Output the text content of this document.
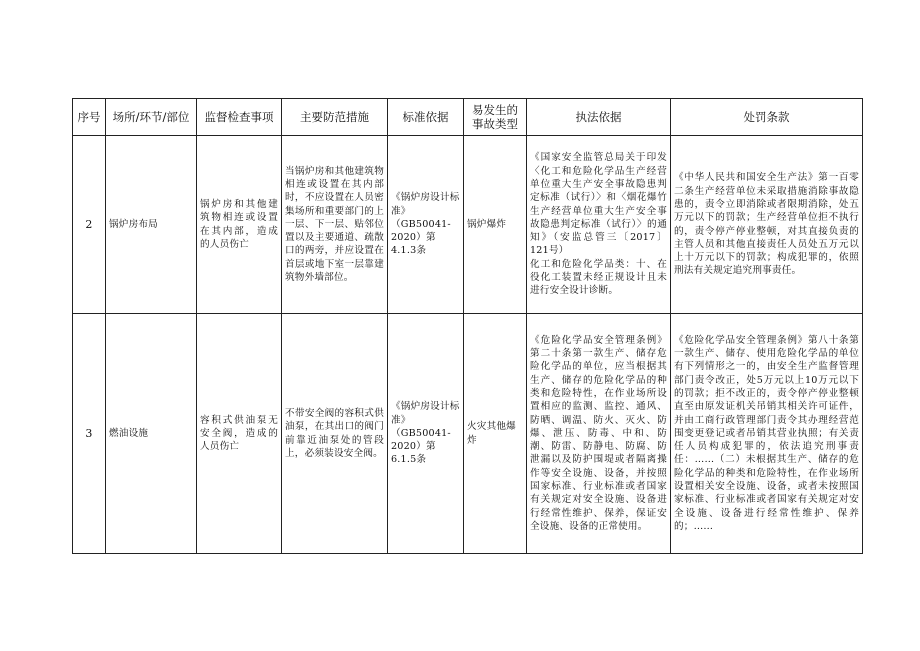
序号	场所/环节/部位	监督检查事项	主要防范措施	标准依据	易发生的事故类型	执法依据	处罚条款
2	锅炉房布局	锅炉房和其他建筑物相连或设置在其内部，造成的人员伤亡	当锅炉房和其他建筑物相连或设置在其内部时，不应设置在人员密集场所和重要部门的上一层、下一层、贴邻位置以及主要通道、疏散口的两旁，并应设置在首层或地下室一层靠建筑物外墙部位。	《锅炉房设计标准》（GB50041-2020）第4.1.3条	锅炉爆炸	《国家安全监管总局关于印发〈化工和危险化学品生产经营单位重大生产安全事故隐患判定标准（试行）〉和〈烟花爆竹生产经营单位重大生产安全事故隐患判定标准（试行）〉的通知》（安监总管三〔2017〕121号）
化工和危险化学品类：十、在役化工装置未经正规设计且未进行安全设计诊断。	《中华人民共和国安全生产法》第一百零二条生产经营单位未采取措施消除事故隐患的，责令立即消除或者限期消除，处五万元以下的罚款；生产经营单位拒不执行的，责令停产停业整顿，对其直接负责的主管人员和其他直接责任人员处五万元以上十万元以下的罚款；构成犯罪的，依照刑法有关规定追究刑事责任。
3	燃油设施	容积式供油泵无安全阀，造成的人员伤亡	不带安全阀的容积式供油泵，在其出口的阀门前靠近油泵处的管段上，必须装设安全阀。	《锅炉房设计标准》（GB50041-2020）第6.1.5条	火灾其他爆炸	《危险化学品安全管理条例》第二十条第一款生产、储存危险化学品的单位，应当根据其生产、储存的危险化学品的种类和危险特性，在作业场所设置相应的监测、监控、通风、防晒、调温、防火、灭火、防爆、泄压、防毒、中和、防潮、防雷、防静电、防腐、防泄漏以及防护围堤或者隔离操作等安全设施、设备，并按照国家标准、行业标准或者国家有关规定对安全设施、设备进行经常性维护、保养，保证安全设施、设备的正常使用。	《危险化学品安全管理条例》第八十条第一款生产、储存、使用危险化学品的单位有下列情形之一的，由安全生产监督管理部门责令改正，处5万元以上10万元以下的罚款；拒不改正的，责令停产停业整顿直至由原发证机关吊销其相关许可证件，并由工商行政管理部门责令其办理经营范围变更登记或者吊销其营业执照；有关责任人员构成犯罪的，依法追究刑事责任：……（二）未根据其生产、储存的危险化学品的种类和危险特性，在作业场所设置相关安全设施、设备，或者未按照国家标准、行业标准或者国家有关规定对安全设施、设备进行经常性维护、保养的；……
